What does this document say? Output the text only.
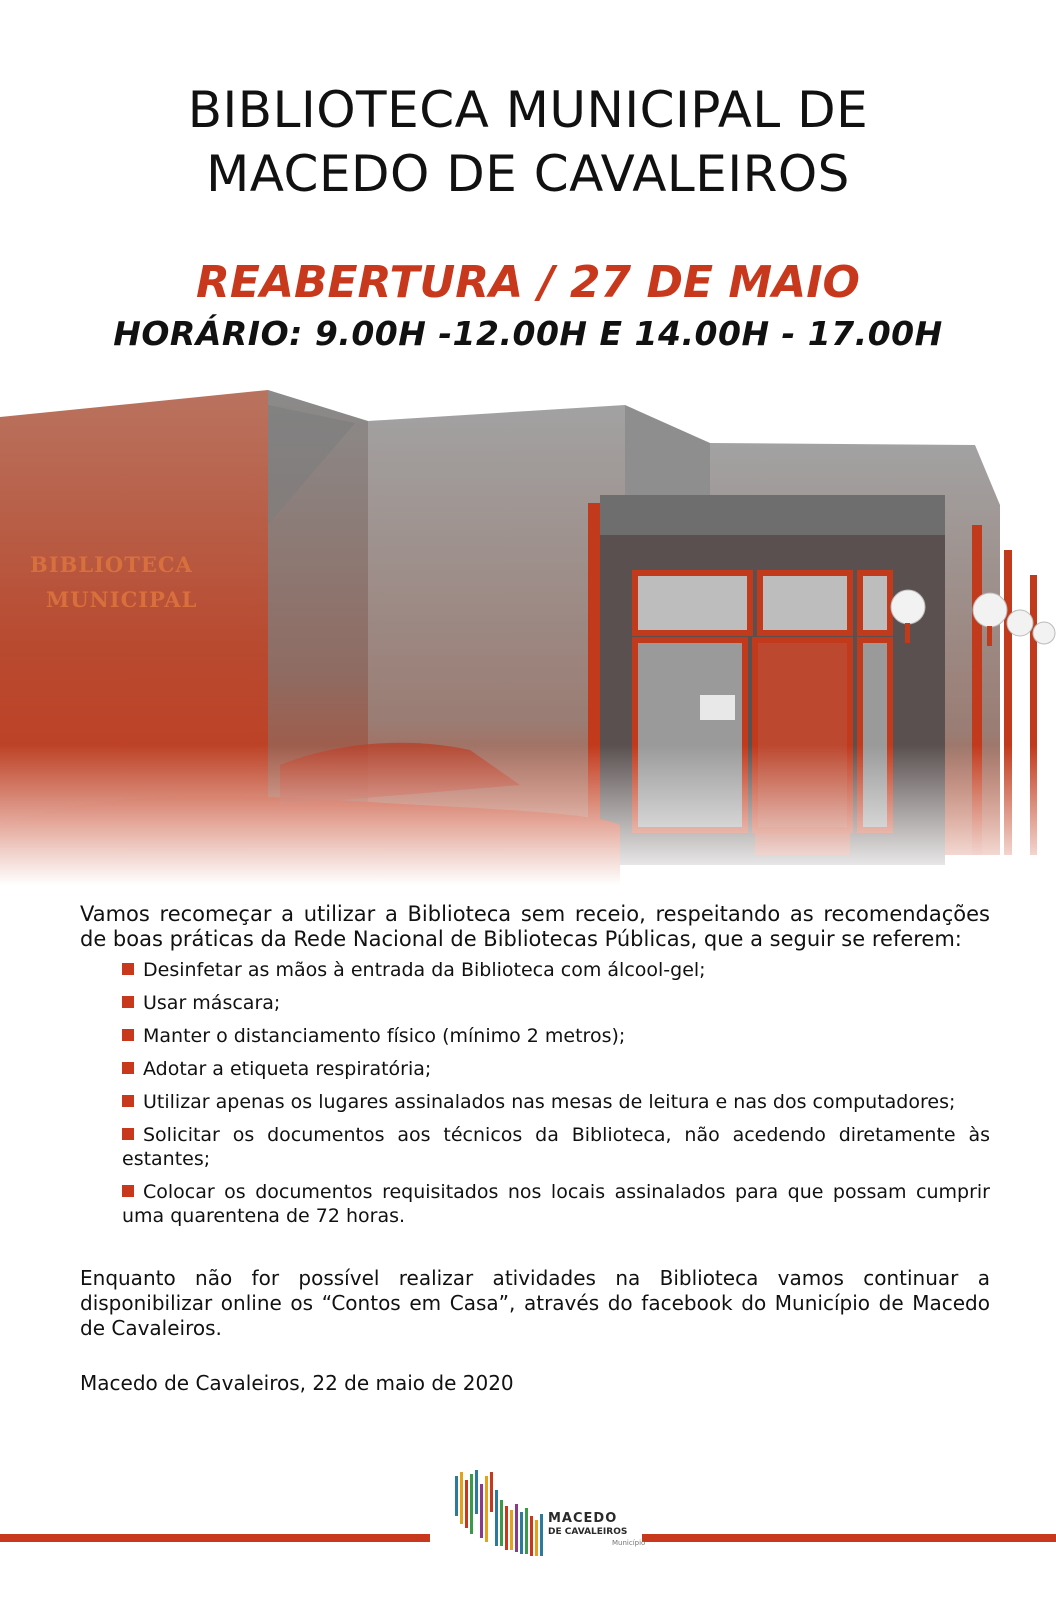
BIBLIOTECA MUNICIPAL DE
MACEDO DE CAVALEIROS
REABERTURA / 27 DE MAIO
HORÁRIO: 9.00H -12.00H E 14.00H - 17.00H

Vamos recomeçar a utilizar a Biblioteca sem receio, respeitando as recomendações de boas práticas da Rede Nacional de Bibliotecas Públicas, que a seguir se referem:

Desinfetar as mãos à entrada da Biblioteca com álcool-gel;
Usar máscara;
Manter o distanciamento físico (mínimo 2 metros);
Adotar a etiqueta respiratória;
Utilizar apenas os lugares assinalados nas mesas de leitura e nas dos computadores;
Solicitar os documentos aos técnicos da Biblioteca, não acedendo diretamente às estantes;
Colocar os documentos requisitados nos locais assinalados para que possam cumprir uma quarentena de 72 horas.

Enquanto não for possível realizar atividades na Biblioteca vamos continuar a disponibilizar online os “Contos em Casa”, através do facebook do Município de Macedo de Cavaleiros.

Macedo de Cavaleiros, 22 de maio de 2020

MACEDO
DE CAVALEIROS
Município
